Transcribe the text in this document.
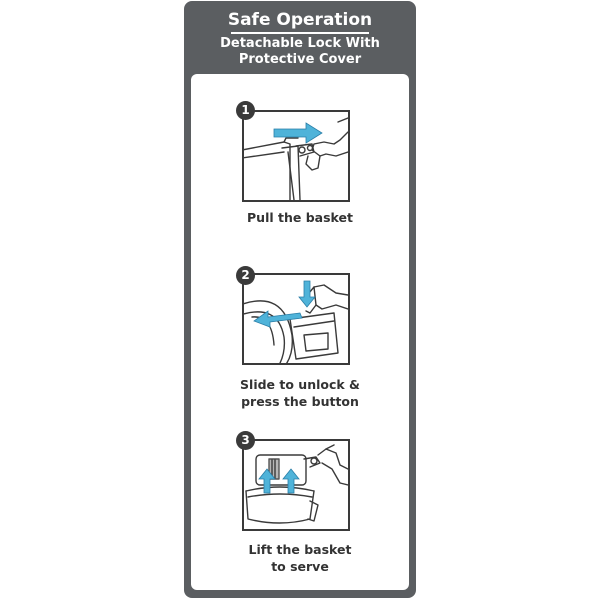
Safe Operation
Detachable Lock With
Protective Cover
1
Pull the basket
2
Slide to unlock &
press the button
3
Lift the basket
to serve
